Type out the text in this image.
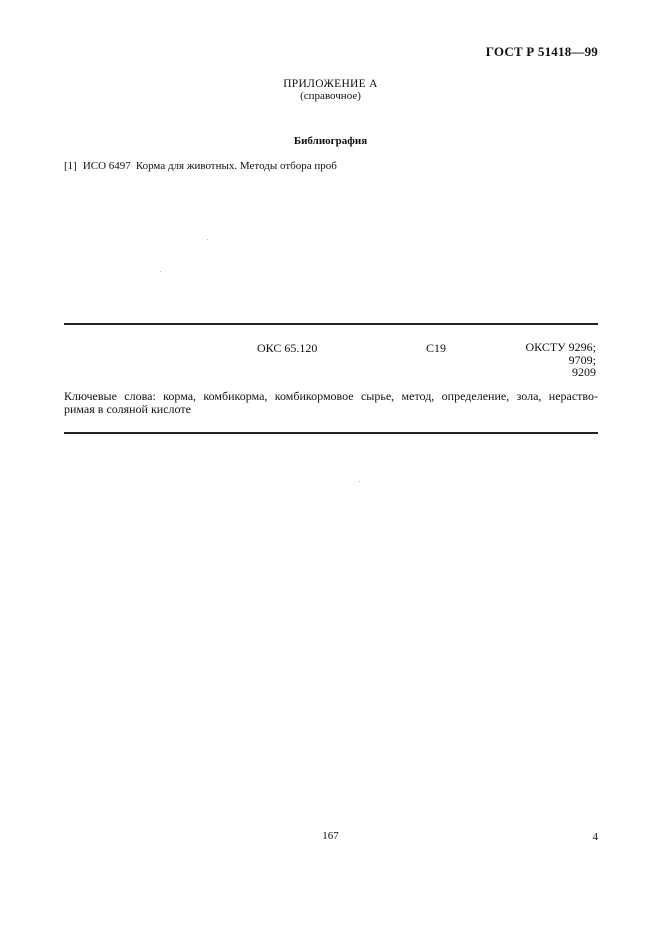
ГОСТ Р 51418—99
ПРИЛОЖЕНИЕ А
(справочное)
Библиография
[1] ИСО 6497 Корма для животных. Методы отбора проб
ОКС 65.120	С19	ОКСТУ 9296;
9709;
9209
Ключевые слова: корма, комбикорма, комбикормовое сырье, метод, определение, зола, нераство-
римая в соляной кислоте
167	4
